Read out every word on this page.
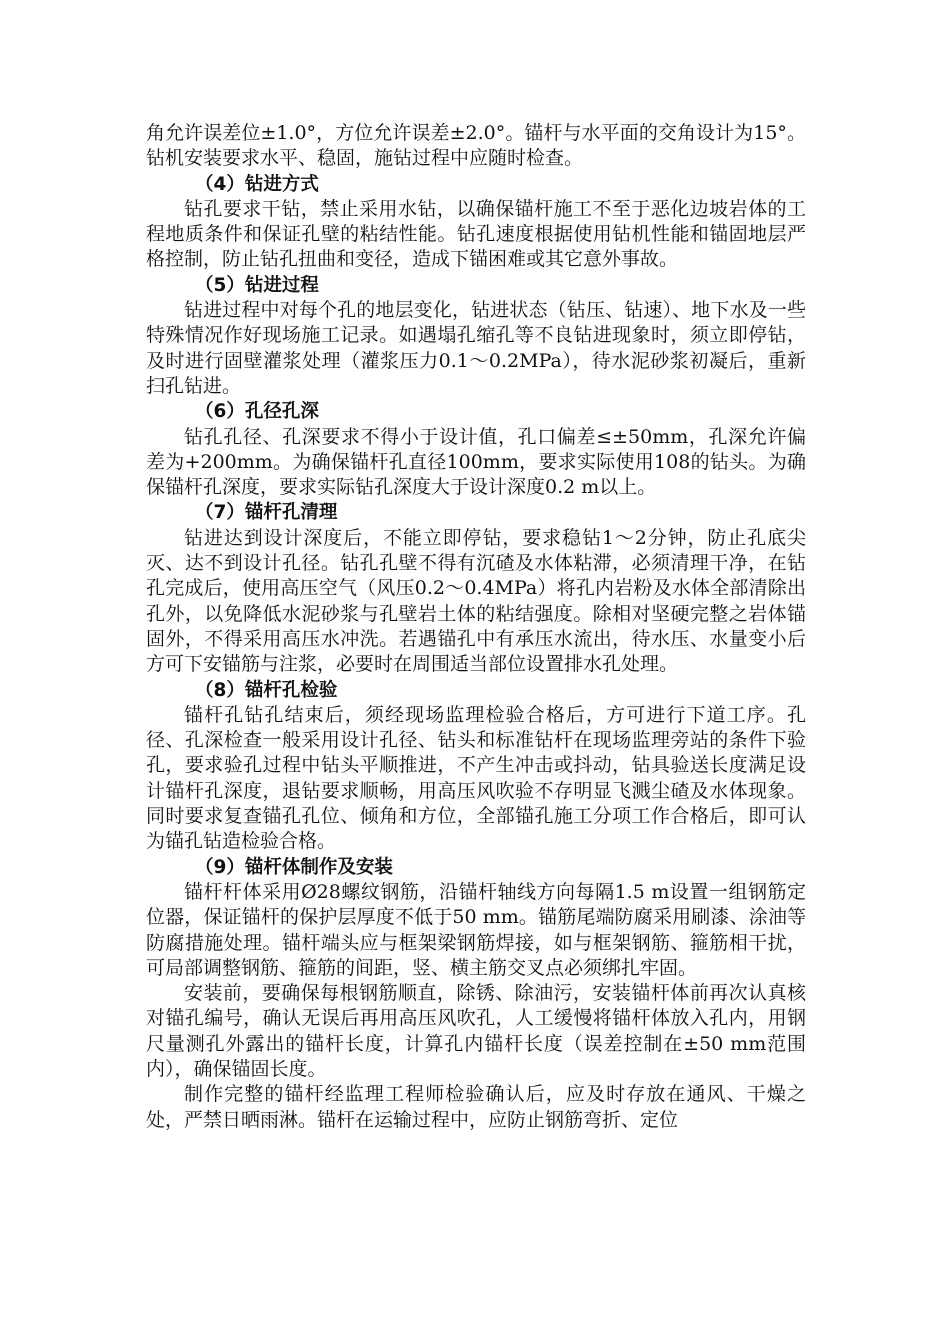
角允许误差位±1.0°，方位允许误差±2.0°。锚杆与水平面的交角设计为15°。钻机安装要求水平、稳固，施钻过程中应随时检查。

（4）钻进方式

钻孔要求干钻，禁止采用水钻，以确保锚杆施工不至于恶化边坡岩体的工程地质条件和保证孔壁的粘结性能。钻孔速度根据使用钻机性能和锚固地层严格控制，防止钻孔扭曲和变径，造成下锚困难或其它意外事故。

（5）钻进过程

钻进过程中对每个孔的地层变化，钻进状态（钻压、钻速）、地下水及一些特殊情况作好现场施工记录。如遇塌孔缩孔等不良钻进现象时，须立即停钻，及时进行固壁灌浆处理（灌浆压力0.1～0.2MPa），待水泥砂浆初凝后，重新扫孔钻进。

（6）孔径孔深

钻孔孔径、孔深要求不得小于设计值，孔口偏差≤±50mm，孔深允许偏差为+200mm。为确保锚杆孔直径100mm，要求实际使用108的钻头。为确保锚杆孔深度，要求实际钻孔深度大于设计深度0.2 m以上。

（7）锚杆孔清理

钻进达到设计深度后，不能立即停钻，要求稳钻1～2分钟，防止孔底尖灭、达不到设计孔径。钻孔孔壁不得有沉碴及水体粘滞，必须清理干净，在钻孔完成后，使用高压空气（风压0.2～0.4MPa）将孔内岩粉及水体全部清除出孔外，以免降低水泥砂浆与孔壁岩土体的粘结强度。除相对坚硬完整之岩体锚固外，不得采用高压水冲洗。若遇锚孔中有承压水流出，待水压、水量变小后方可下安锚筋与注浆，必要时在周围适当部位设置排水孔处理。

（8）锚杆孔检验

锚杆孔钻孔结束后，须经现场监理检验合格后，方可进行下道工序。孔径、孔深检查一般采用设计孔径、钻头和标准钻杆在现场监理旁站的条件下验孔，要求验孔过程中钻头平顺推进，不产生冲击或抖动，钻具验送长度满足设计锚杆孔深度，退钻要求顺畅，用高压风吹验不存明显飞溅尘碴及水体现象。同时要求复查锚孔孔位、倾角和方位，全部锚孔施工分项工作合格后，即可认为锚孔钻造检验合格。

（9）锚杆体制作及安装

锚杆杆体采用Ø28螺纹钢筋，沿锚杆轴线方向每隔1.5 m设置一组钢筋定位器，保证锚杆的保护层厚度不低于50 mm。锚筋尾端防腐采用刷漆、涂油等防腐措施处理。锚杆端头应与框架梁钢筋焊接，如与框架钢筋、箍筋相干扰，可局部调整钢筋、箍筋的间距，竖、横主筋交叉点必须绑扎牢固。

安装前，要确保每根钢筋顺直，除锈、除油污，安装锚杆体前再次认真核对锚孔编号，确认无误后再用高压风吹孔，人工缓慢将锚杆体放入孔内，用钢尺量测孔外露出的锚杆长度，计算孔内锚杆长度（误差控制在±50 mm范围内），确保锚固长度。

制作完整的锚杆经监理工程师检验确认后，应及时存放在通风、干燥之处，严禁日晒雨淋。锚杆在运输过程中，应防止钢筋弯折、定位
